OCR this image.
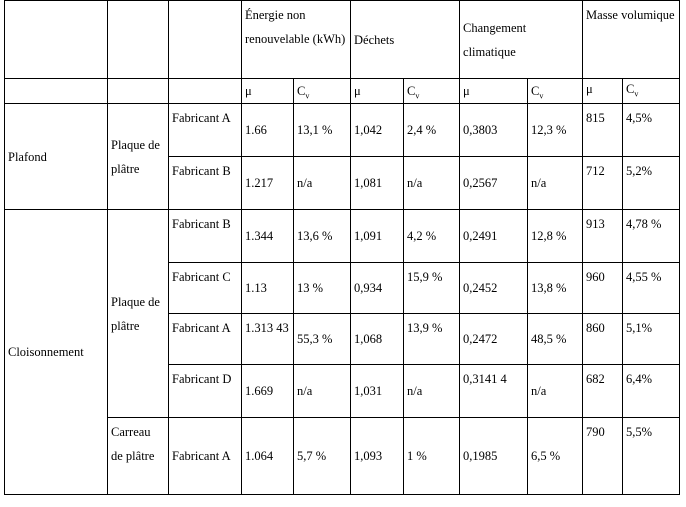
			Énergie non renouvelable (kWh)		Déchets		Changement climatique		Masse volumique	
			μ	$C_v$	μ	$C_v$	μ	$C_v$	μ	$C_v$
Plafond	Plaque de plâtre	Fabricant A	1.66	13,1 %	1,042	2,4 %	0,3803	12,3 %	815	4,5%
		Fabricant B	1.217	n/a	1,081	n/a	0,2567	n/a	712	5,2%
Cloisonnement	Plaque de plâtre	Fabricant B	1.344	13,6 %	1,091	4,2 %	0,2491	12,8 %	913	4,78 %
		Fabricant C	1.13	13 %	0,934	15,9 %	0,2452	13,8 %	960	4,55 %
		Fabricant A	1.313 43	55,3 %	1,068	13,9 %	0,2472	48,5 %	860	5,1%
		Fabricant D	1.669	n/a	1,031	n/a	0,3141 4	n/a	682	6,4%
	Carreau de plâtre	Fabricant A	1.064	5,7 %	1,093	1 %	0,1985	6,5 %	790	5,5%
